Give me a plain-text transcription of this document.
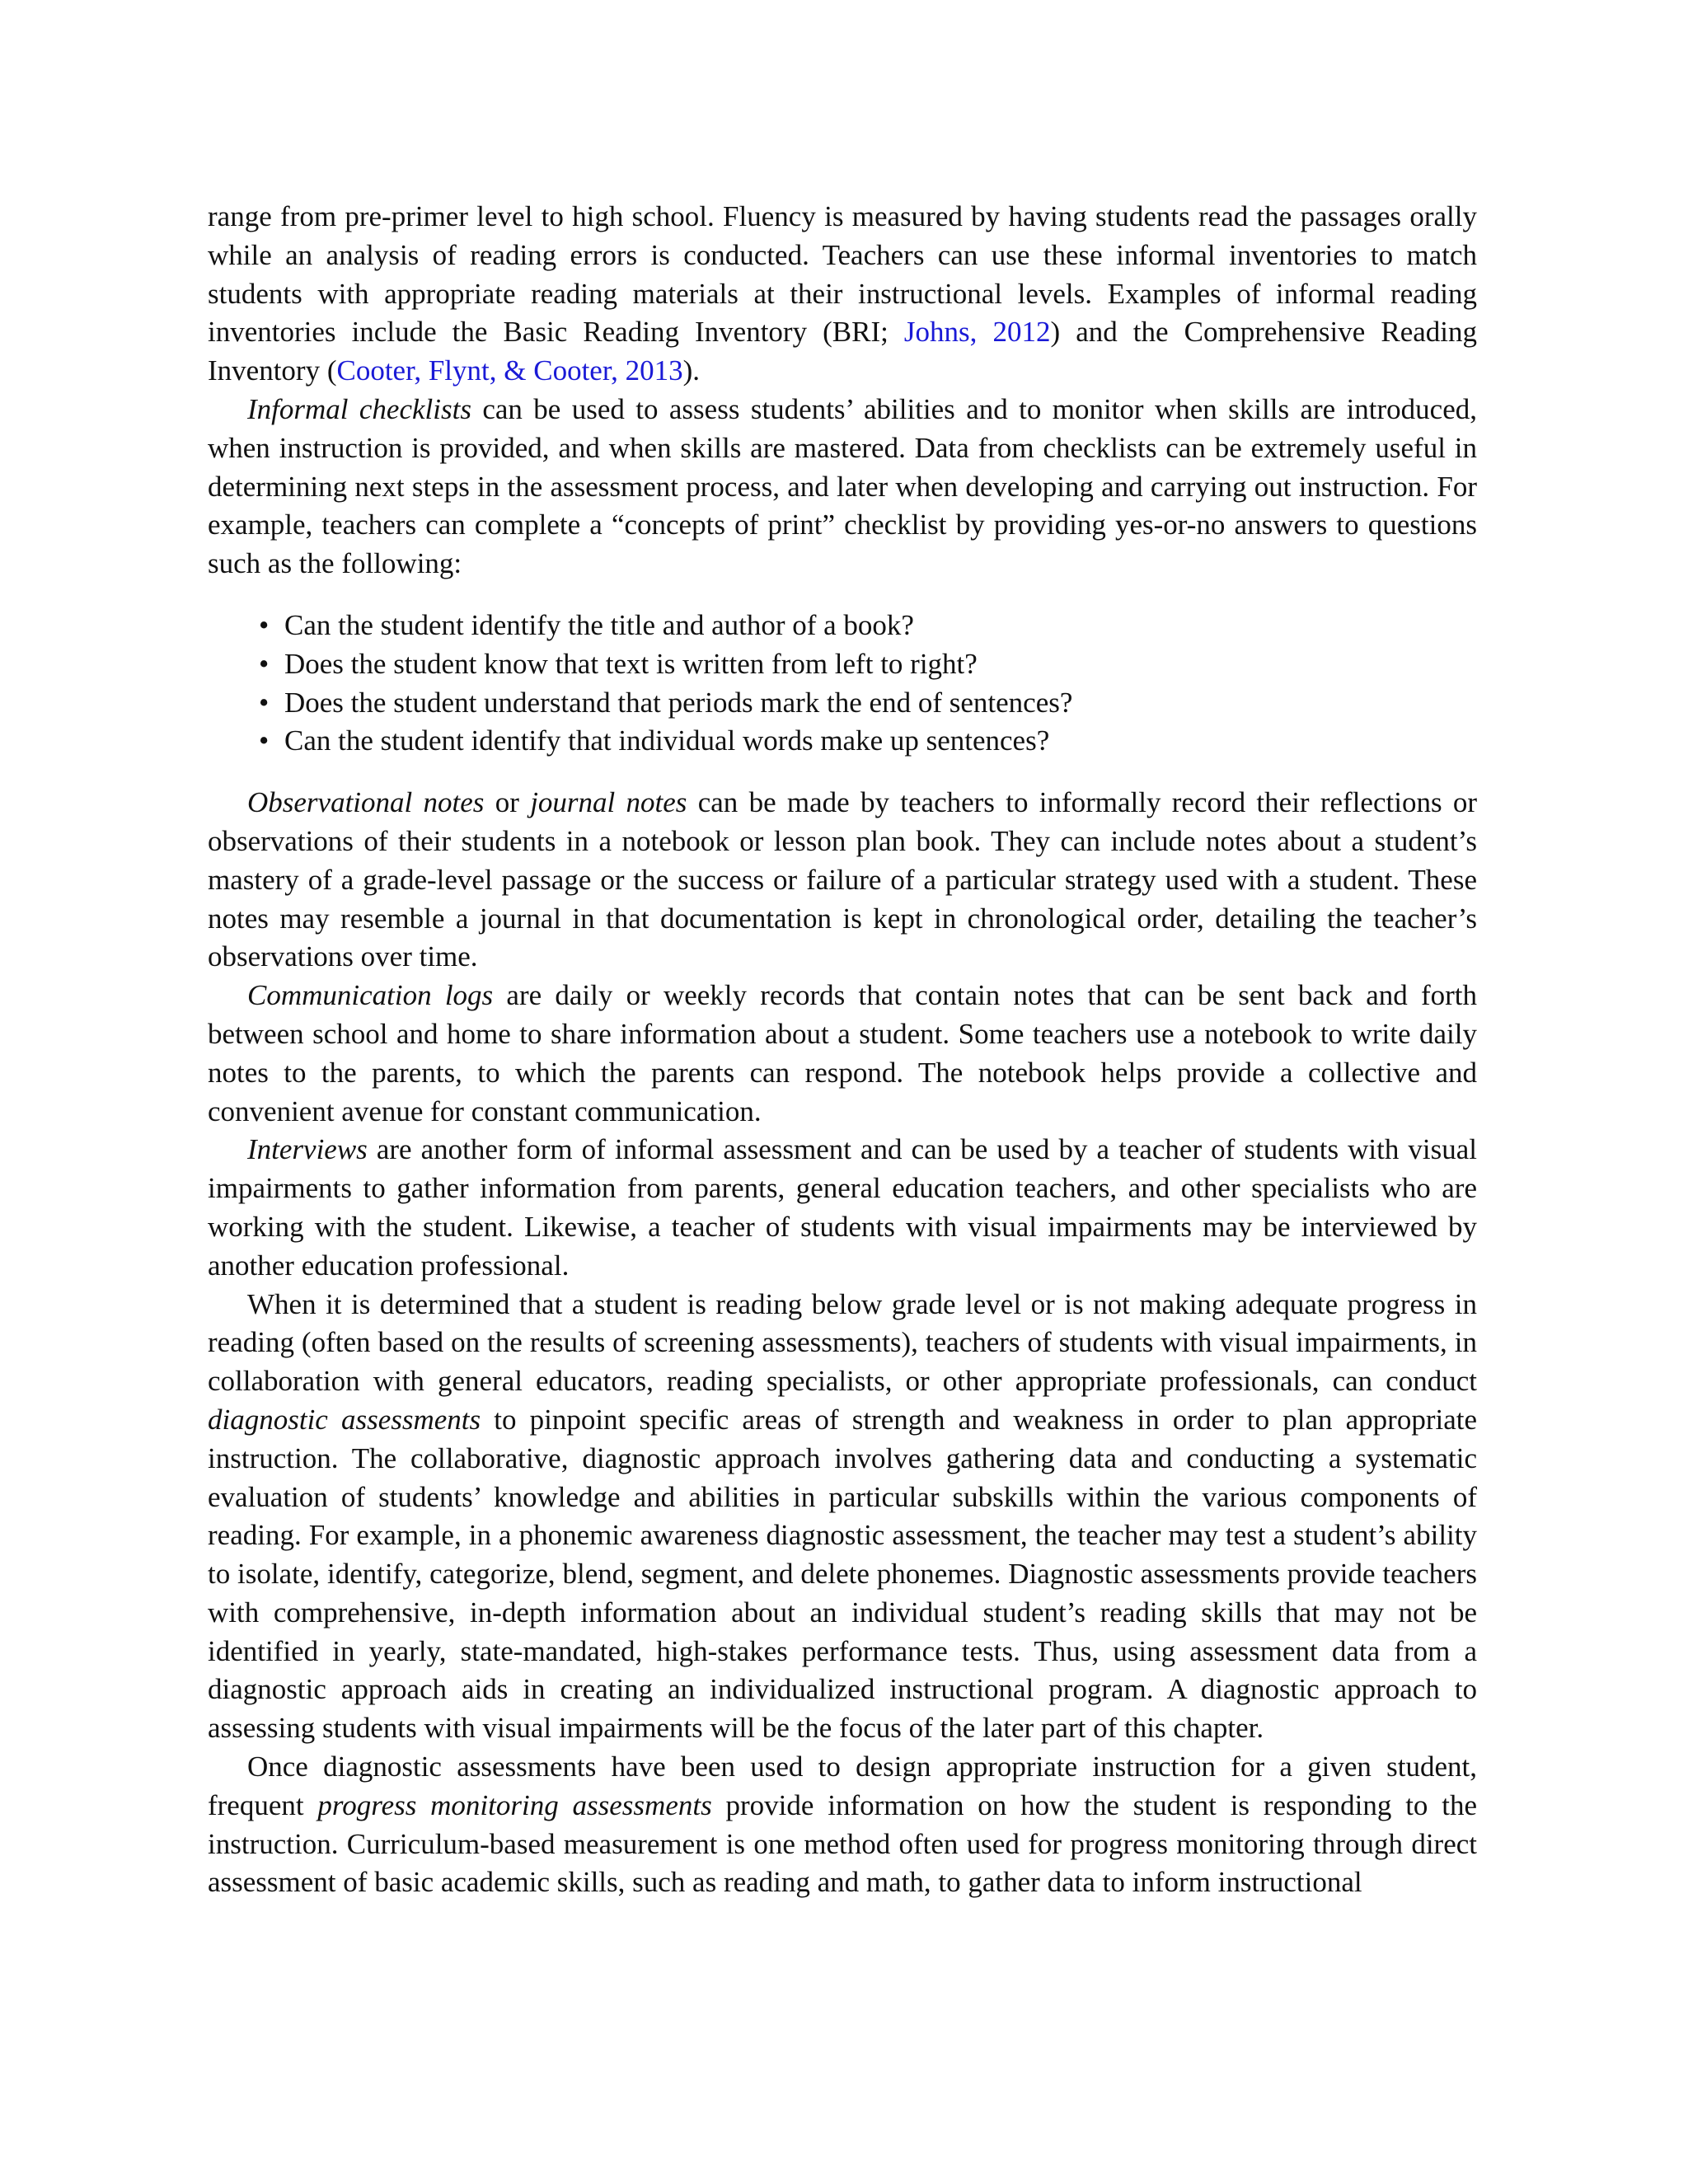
range from pre-primer level to high school. Fluency is measured by having students read the passages orally while an analysis of reading errors is conducted. Teachers can use these informal inventories to match students with appropriate reading materials at their instructional levels. Examples of informal reading inventories include the Basic Reading Inventory (BRI; Johns, 2012) and the Comprehensive Reading Inventory (Cooter, Flynt, & Cooter, 2013).

Informal checklists can be used to assess students’ abilities and to monitor when skills are introduced, when instruction is provided, and when skills are mastered. Data from checklists can be extremely useful in determining next steps in the assessment process, and later when developing and carrying out instruction. For example, teachers can complete a “concepts of print” checklist by providing yes-or-no answers to questions such as the following:

• Can the student identify the title and author of a book?
• Does the student know that text is written from left to right?
• Does the student understand that periods mark the end of sentences?
• Can the student identify that individual words make up sentences?

Observational notes or journal notes can be made by teachers to informally record their reflections or observations of their students in a notebook or lesson plan book. They can include notes about a student’s mastery of a grade-level passage or the success or failure of a particular strategy used with a student. These notes may resemble a journal in that documentation is kept in chronological order, detailing the teacher’s observations over time.

Communication logs are daily or weekly records that contain notes that can be sent back and forth between school and home to share information about a student. Some teachers use a notebook to write daily notes to the parents, to which the parents can respond. The notebook helps provide a collective and convenient avenue for constant communication.

Interviews are another form of informal assessment and can be used by a teacher of students with visual impairments to gather information from parents, general education teachers, and other specialists who are working with the student. Likewise, a teacher of students with visual impairments may be interviewed by another education professional.

When it is determined that a student is reading below grade level or is not making adequate progress in reading (often based on the results of screening assessments), teachers of students with visual impairments, in collaboration with general educators, reading specialists, or other appropriate professionals, can conduct diagnostic assessments to pinpoint specific areas of strength and weakness in order to plan appropriate instruction. The collaborative, diagnostic approach involves gathering data and conducting a systematic evaluation of students’ knowledge and abilities in particular subskills within the various components of reading. For example, in a phonemic awareness diagnostic assessment, the teacher may test a student’s ability to isolate, identify, categorize, blend, segment, and delete phonemes. Diagnostic assessments provide teachers with comprehensive, in-depth information about an individual student’s reading skills that may not be identified in yearly, state-mandated, high-stakes performance tests. Thus, using assessment data from a diagnostic approach aids in creating an individualized instructional program. A diagnostic approach to assessing students with visual impairments will be the focus of the later part of this chapter.

Once diagnostic assessments have been used to design appropriate instruction for a given student, frequent progress monitoring assessments provide information on how the student is responding to the instruction. Curriculum-based measurement is one method often used for progress monitoring through direct assessment of basic academic skills, such as reading and math, to gather data to inform instructional
